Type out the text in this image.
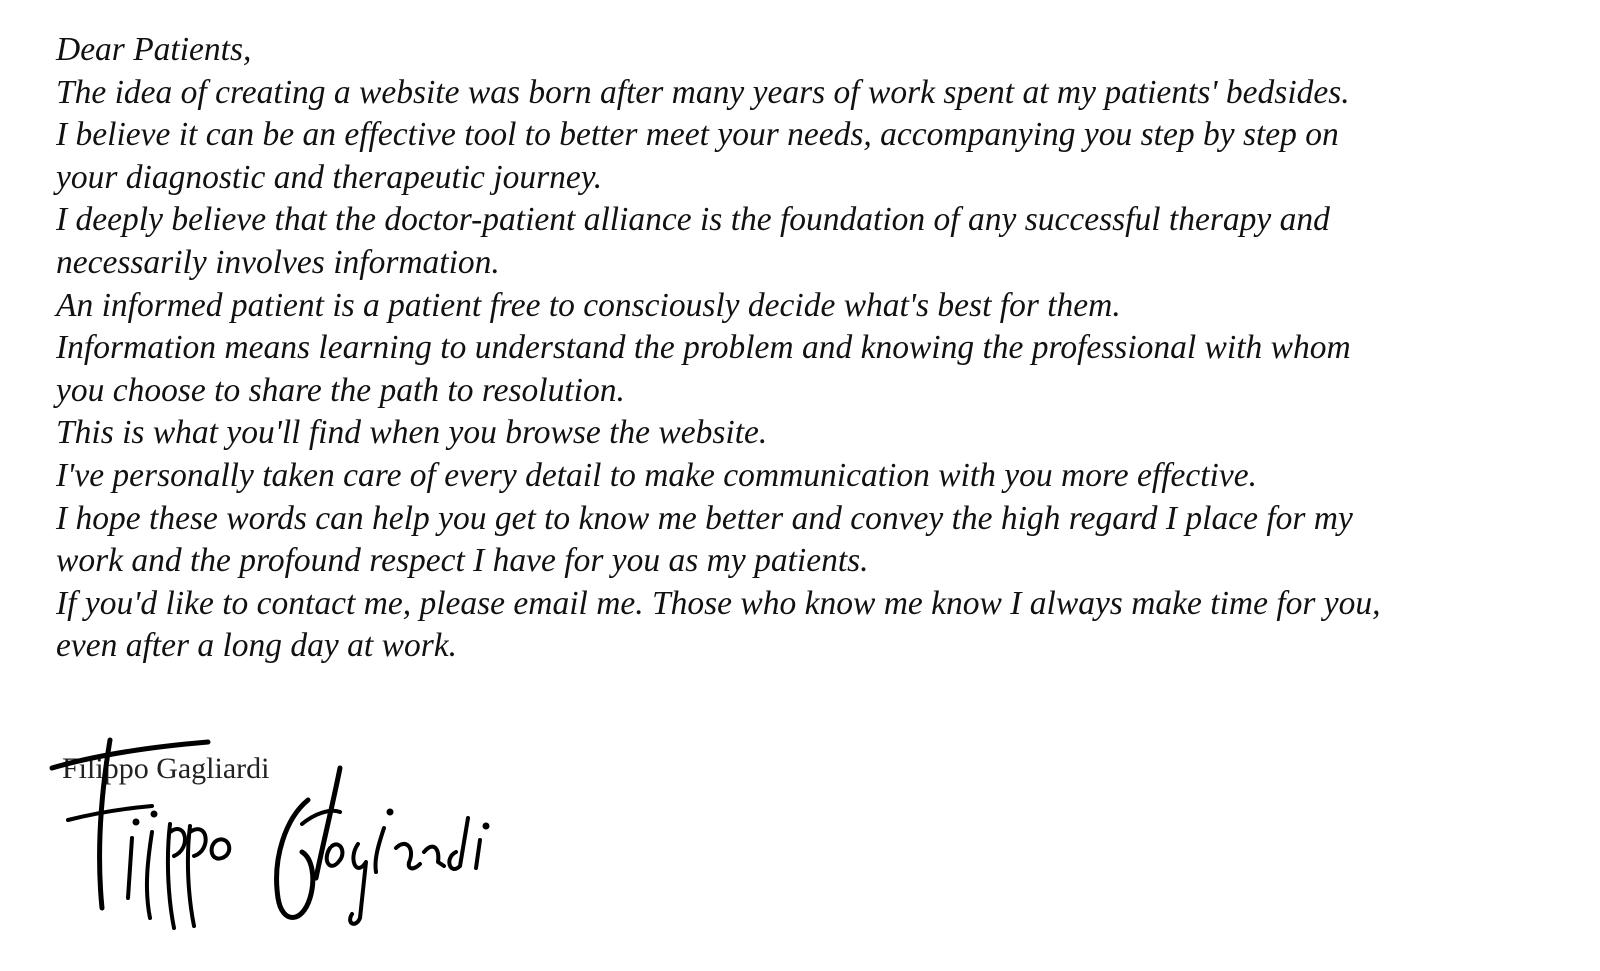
Dear Patients,
The idea of creating a website was born after many years of work spent at my patients' bedsides.
I believe it can be an effective tool to better meet your needs, accompanying you step by step on
your diagnostic and therapeutic journey.
I deeply believe that the doctor-patient alliance is the foundation of any successful therapy and
necessarily involves information.
An informed patient is a patient free to consciously decide what's best for them.
Information means learning to understand the problem and knowing the professional with whom
you choose to share the path to resolution.
This is what you'll find when you browse the website.
I've personally taken care of every detail to make communication with you more effective.
I hope these words can help you get to know me better and convey the high regard I place for my
work and the profound respect I have for you as my patients.
If you'd like to contact me, please email me. Those who know me know I always make time for you,
even after a long day at work.
Filippo Gagliardi
